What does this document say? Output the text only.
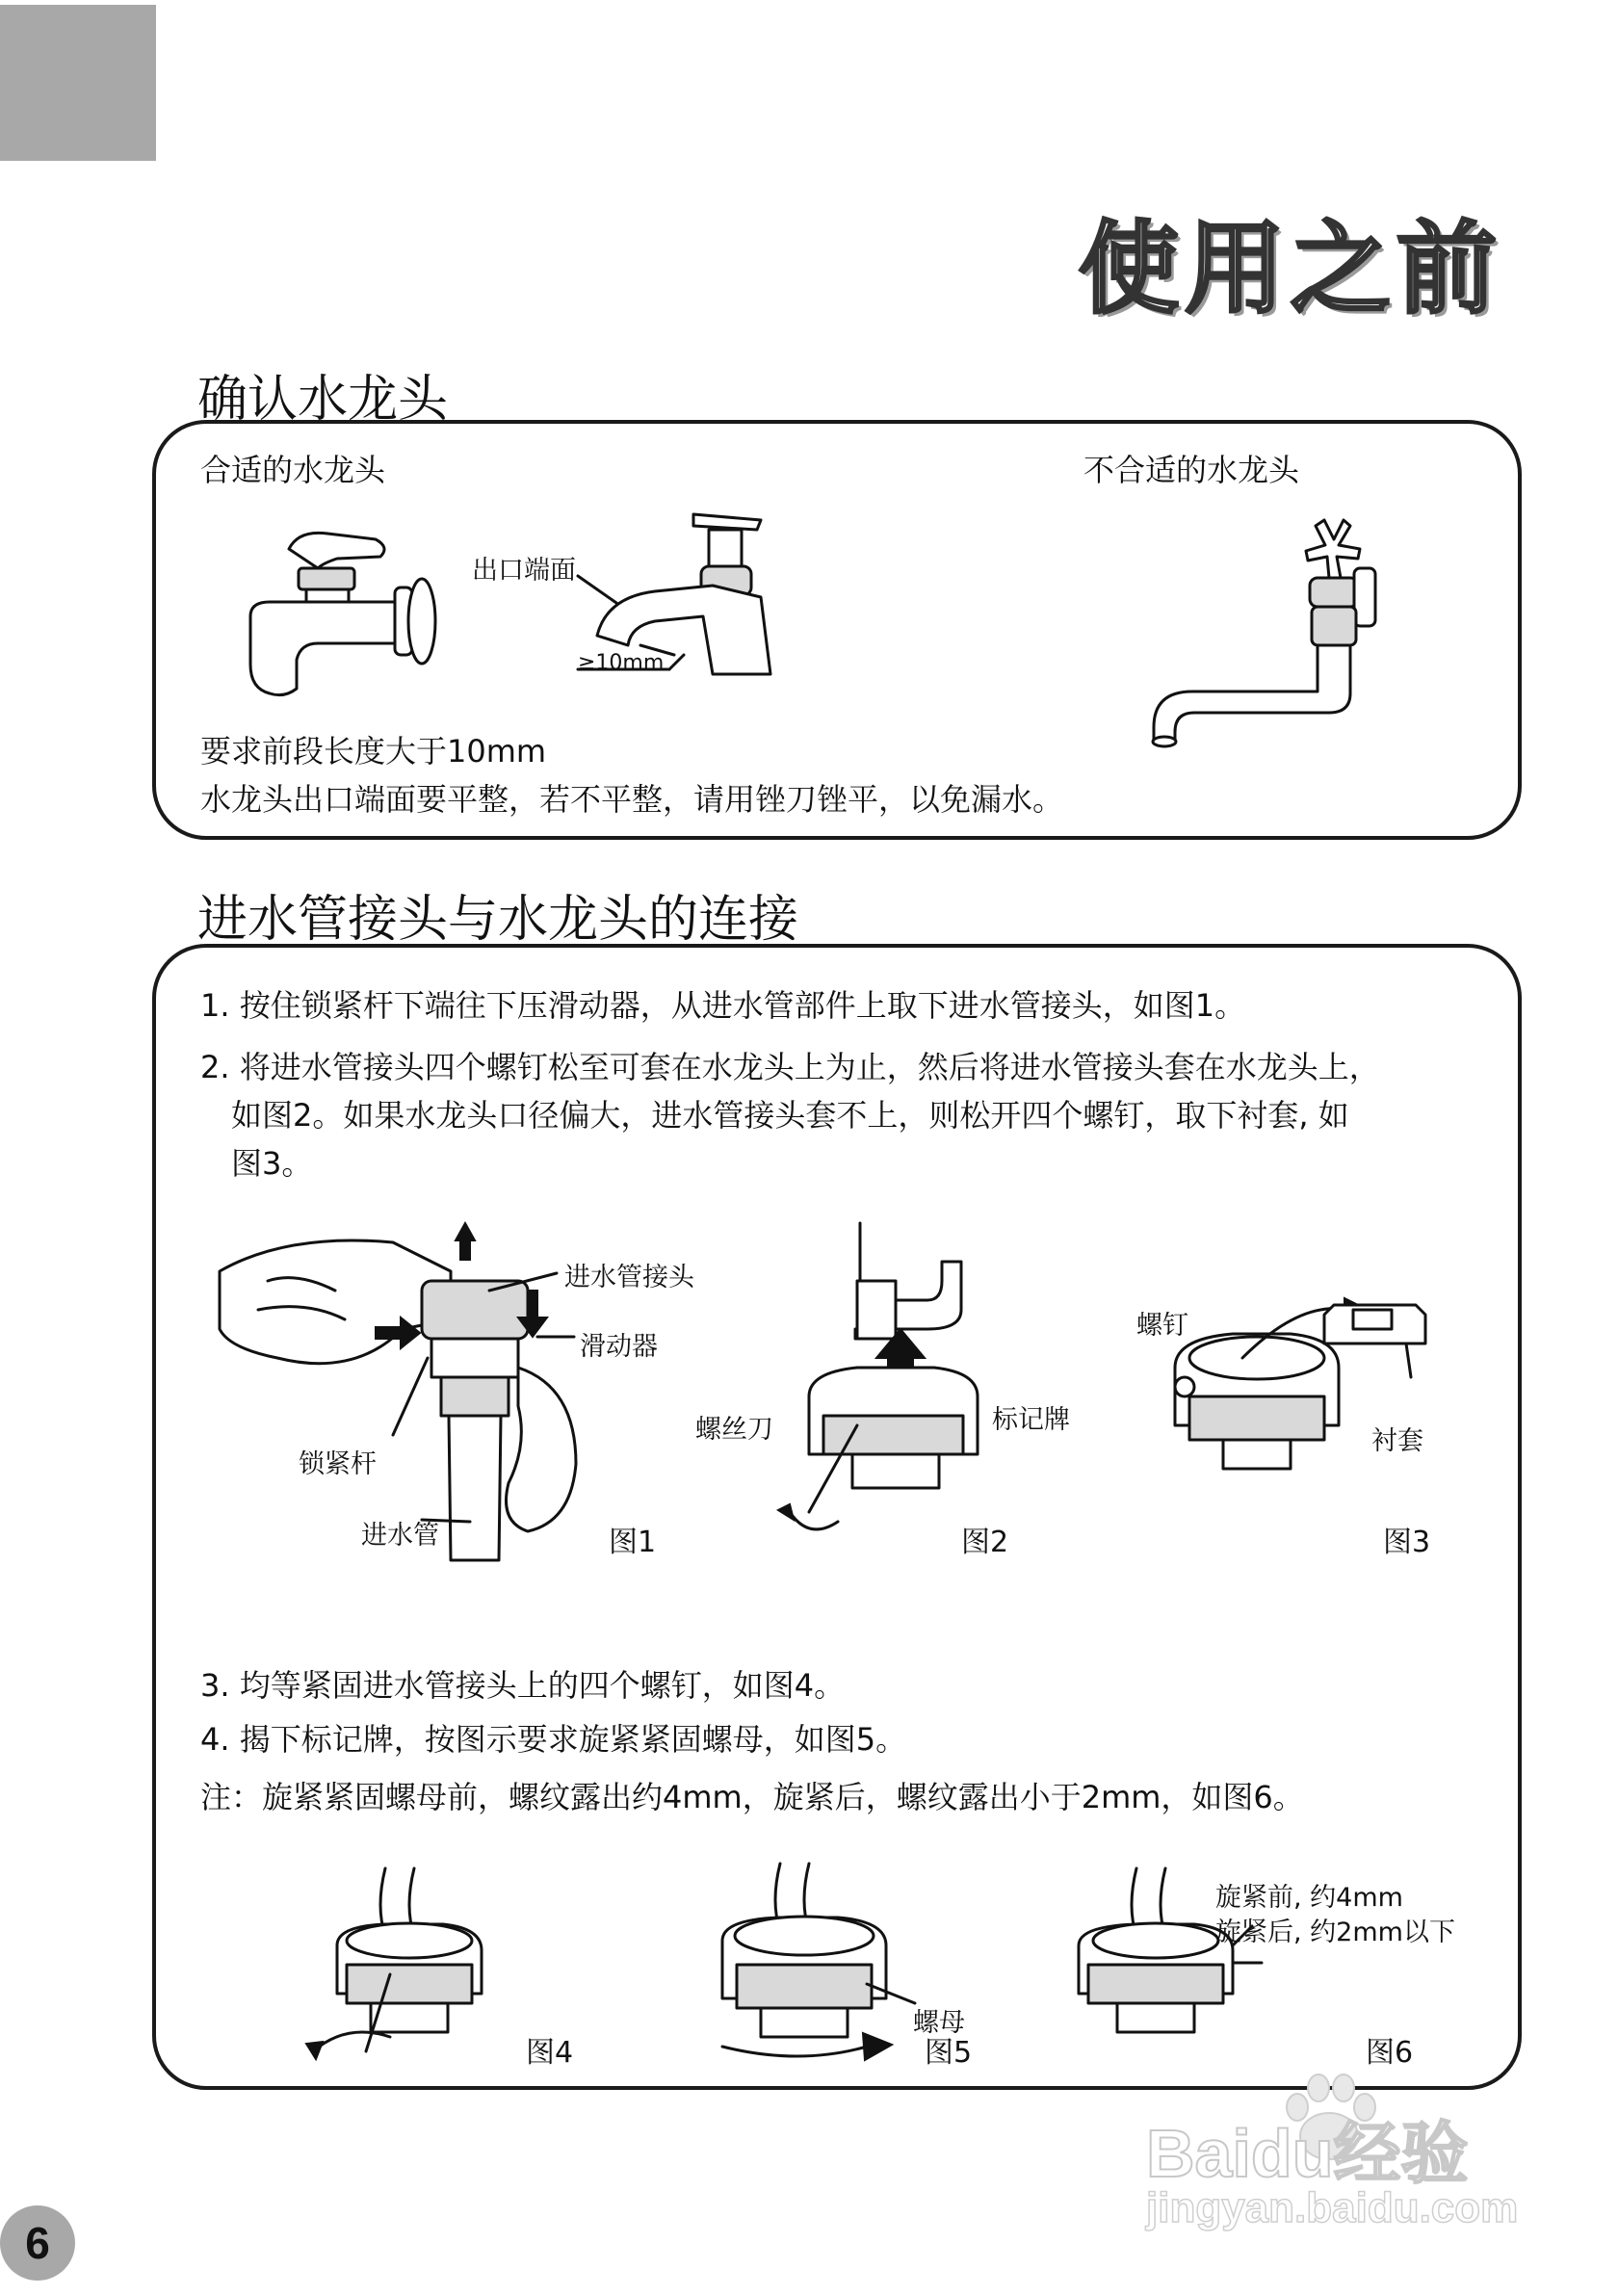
使用之前
确认水龙头
合适的水龙头	不合适的水龙头
出口端面
≥10mm
要求前段长度大于10mm
水龙头出口端面要平整，若不平整，请用锉刀锉平，以免漏水。
进水管接头与水龙头的连接
1. 按住锁紧杆下端往下压滑动器，从进水管部件上取下进水管接头，如图1。
2. 将进水管接头四个螺钉松至可套在水龙头上为止，然后将进水管接头套在水龙头上，
如图2。如果水龙头口径偏大，进水管接头套不上，则松开四个螺钉，取下衬套, 如
图3。
进水管接头
滑动器
锁紧杆
进水管	图1
螺丝刀	标记牌
图2
螺钉
衬套
图3
3. 均等紧固进水管接头上的四个螺钉，如图4。
4. 揭下标记牌，按图示要求旋紧紧固螺母，如图5。
注：旋紧紧固螺母前，螺纹露出约4mm，旋紧后，螺纹露出小于2mm，如图6。
图4
螺母
图5
旋紧前, 约4mm
旋紧后, 约2mm以下
图6
6
Baidu经验
jingyan.baidu.com
